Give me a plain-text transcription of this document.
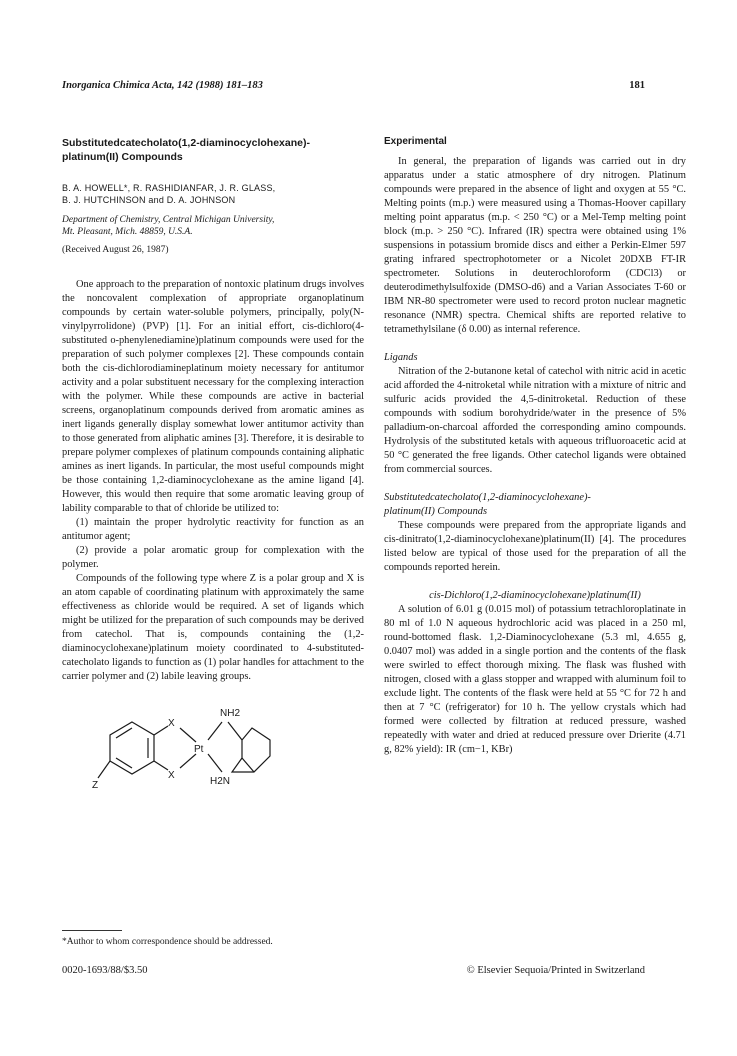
Inorganica Chimica Acta, 142 (1988) 181–183	181
Substitutedcatecholato(1,2-diaminocyclohexane)-
platinum(II) Compounds
B. A. HOWELL*, R. RASHIDIANFAR, J. R. GLASS,
B. J. HUTCHINSON and D. A. JOHNSON
Department of Chemistry, Central Michigan University,
Mt. Pleasant, Mich. 48859, U.S.A.
(Received August 26, 1987)

One approach to the preparation of nontoxic platinum drugs involves the noncovalent complexation of appropriate organoplatinum compounds by certain water-soluble polymers, principally, poly(N-vinylpyrrolidone) (PVP) [1]. For an initial effort, cis-dichloro(4-substituted o-phenylenediamine)platinum compounds were used for the preparation of such polymer complexes [2]. These compounds contain both the cis-dichlorodiamineplatinum moiety necessary for antitumor activity and a polar substituent necessary for the complexing interaction with the polymer. While these compounds are active in bacterial screens, organoplatinum compounds derived from aromatic amines as inert ligands generally display somewhat lower antitumor activity than to those generated from aliphatic amines [3]. Therefore, it is desirable to prepare polymer complexes of platinum compounds containing aliphatic amines as inert ligands. In particular, the most useful compounds might be those containing 1,2-diaminocyclohexane as the amine ligand [4]. However, this would then require that some aromatic leaving group of lability comparable to that of chloride be utilized to:

(1) maintain the proper hydrolytic reactivity for function as an antitumor agent;

(2) provide a polar aromatic group for complexation with the polymer.

Compounds of the following type where Z is a polar group and X is an atom capable of coordinating platinum with approximately the same effectiveness as chloride would be required. A set of ligands which might be utilized for the preparation of such compounds may be derived from catechol. That is, compounds containing the (1,2-diaminocyclohexane)platinum moiety coordinated to 4-substituted-catecholato ligands to function as (1) polar handles for attachment to the carrier polymer and (2) labile leaving groups.

X
X
Pt
NH2
H2N
Z
Experimental

In general, the preparation of ligands was carried out in dry apparatus under a static atmosphere of dry nitrogen. Platinum compounds were prepared in the absence of light and oxygen at 55 °C. Melting points (m.p.) were measured using a Thomas-Hoover capillary melting point apparatus (m.p. < 250 °C) or a Mel-Temp melting point block (m.p. > 250 °C). Infrared (IR) spectra were obtained using 1% suspensions in potassium bromide discs and either a Perkin-Elmer 597 grating infrared spectrophotometer or a Nicolet 20DXB FT-IR spectrometer. Solutions in deuterochloroform (CDCl3) or deuterodimethylsulfoxide (DMSO-d6) and a Varian Associates T-60 or IBM NR-80 spectrometer were used to record proton nuclear magnetic resonance (NMR) spectra. Chemical shifts are reported relative to tetramethylsilane (δ 0.00) as internal reference.

Ligands

Nitration of the 2-butanone ketal of catechol with nitric acid in acetic acid afforded the 4-nitroketal while nitration with a mixture of nitric and sulfuric acids provided the 4,5-dinitroketal. Reduction of these compounds with sodium borohydride/water in the presence of 5% palladium-on-charcoal afforded the corresponding amino compounds. Hydrolysis of the substituted ketals with aqueous trifluoroacetic acid at 50 °C generated the free ligands. Other catechol ligands were obtained from commercial sources.

Substitutedcatecholato(1,2-diaminocyclohexane)-
platinum(II) Compounds

These compounds were prepared from the appropriate ligands and cis-dinitrato(1,2-diaminocyclohexane)platinum(II) [4]. The procedures listed below are typical of those used for the preparation of all the compounds reported herein.

cis-Dichloro(1,2-diaminocyclohexane)platinum(II)

A solution of 6.01 g (0.015 mol) of potassium tetrachloroplatinate in 80 ml of 1.0 N aqueous hydrochloric acid was placed in a 250 ml, round-bottomed flask. 1,2-Diaminocyclohexane (5.3 ml, 4.655 g, 0.0407 mol) was added in a single portion and the contents of the flask were swirled to effect thorough mixing. The flask was flushed with nitrogen, closed with a glass stopper and wrapped with aluminum foil to exclude light. The contents of the flask were held at 55 °C for 72 h and then at 7 °C (refrigerator) for 10 h. The yellow crystals which had formed were collected by filtration at reduced pressure, washed repeatedly with water and dried at reduced pressure over Drierite (4.71 g, 82% yield): IR (cm−1, KBr)

*Author to whom correspondence should be addressed.
0020-1693/88/$3.50	© Elsevier Sequoia/Printed in Switzerland
